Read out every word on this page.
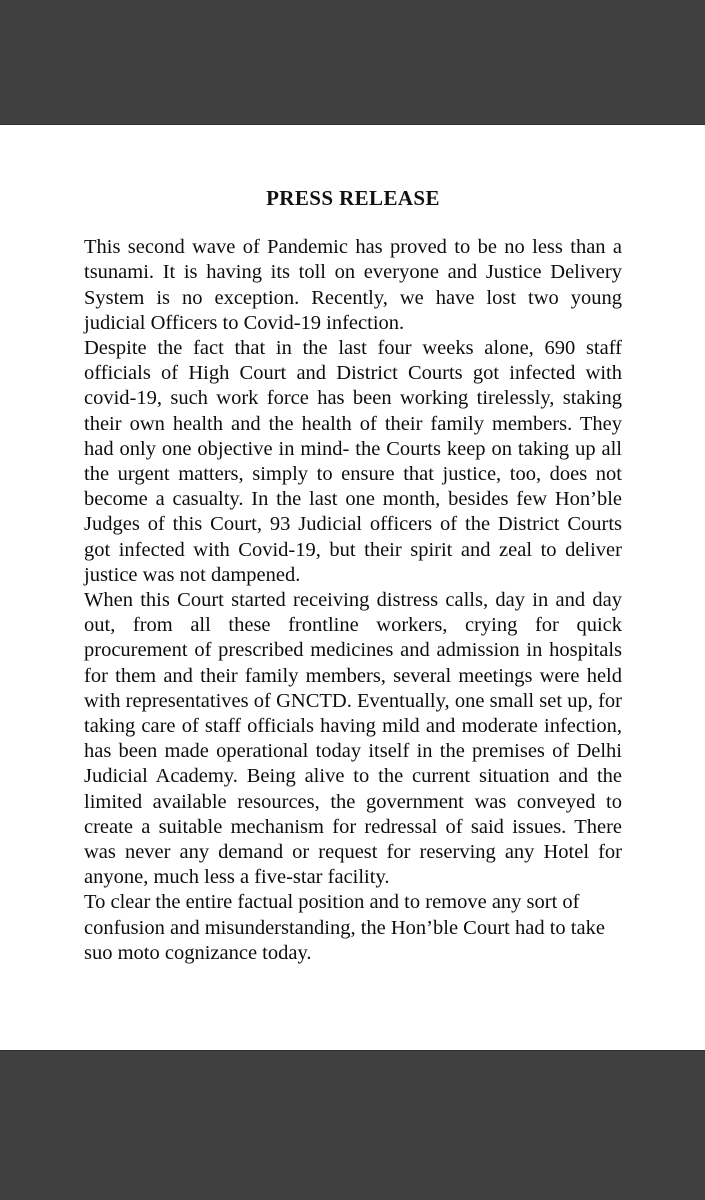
PRESS RELEASE

This second wave of Pandemic has proved to be no less than a tsunami. It is having its toll on everyone and Justice Delivery System is no exception. Recently, we have lost two young judicial Officers to Covid-19 infection.

Despite the fact that in the last four weeks alone, 690 staff officials of High Court and District Courts got infected with covid-19, such work force has been working tirelessly, staking their own health and the health of their family members. They had only one objective in mind- the Courts keep on taking up all the urgent matters, simply to ensure that justice, too, does not become a casualty. In the last one month, besides few Hon’ble Judges of this Court, 93 Judicial officers of the District Courts got infected with Covid-19, but their spirit and zeal to deliver justice was not dampened.

When this Court started receiving distress calls, day in and day out, from all these frontline workers, crying for quick procurement of prescribed medicines and admission in hospitals for them and their family members, several meetings were held with representatives of GNCTD. Eventually, one small set up, for taking care of staff officials having mild and moderate infection, has been made operational today itself in the premises of Delhi Judicial Academy. Being alive to the current situation and the limited available resources, the government was conveyed to create a suitable mechanism for redressal of said issues. There was never any demand or request for reserving any Hotel for anyone, much less a five-star facility.

To clear the entire factual position and to remove any sort of confusion and misunderstanding, the Hon’ble Court had to take suo moto cognizance today.
